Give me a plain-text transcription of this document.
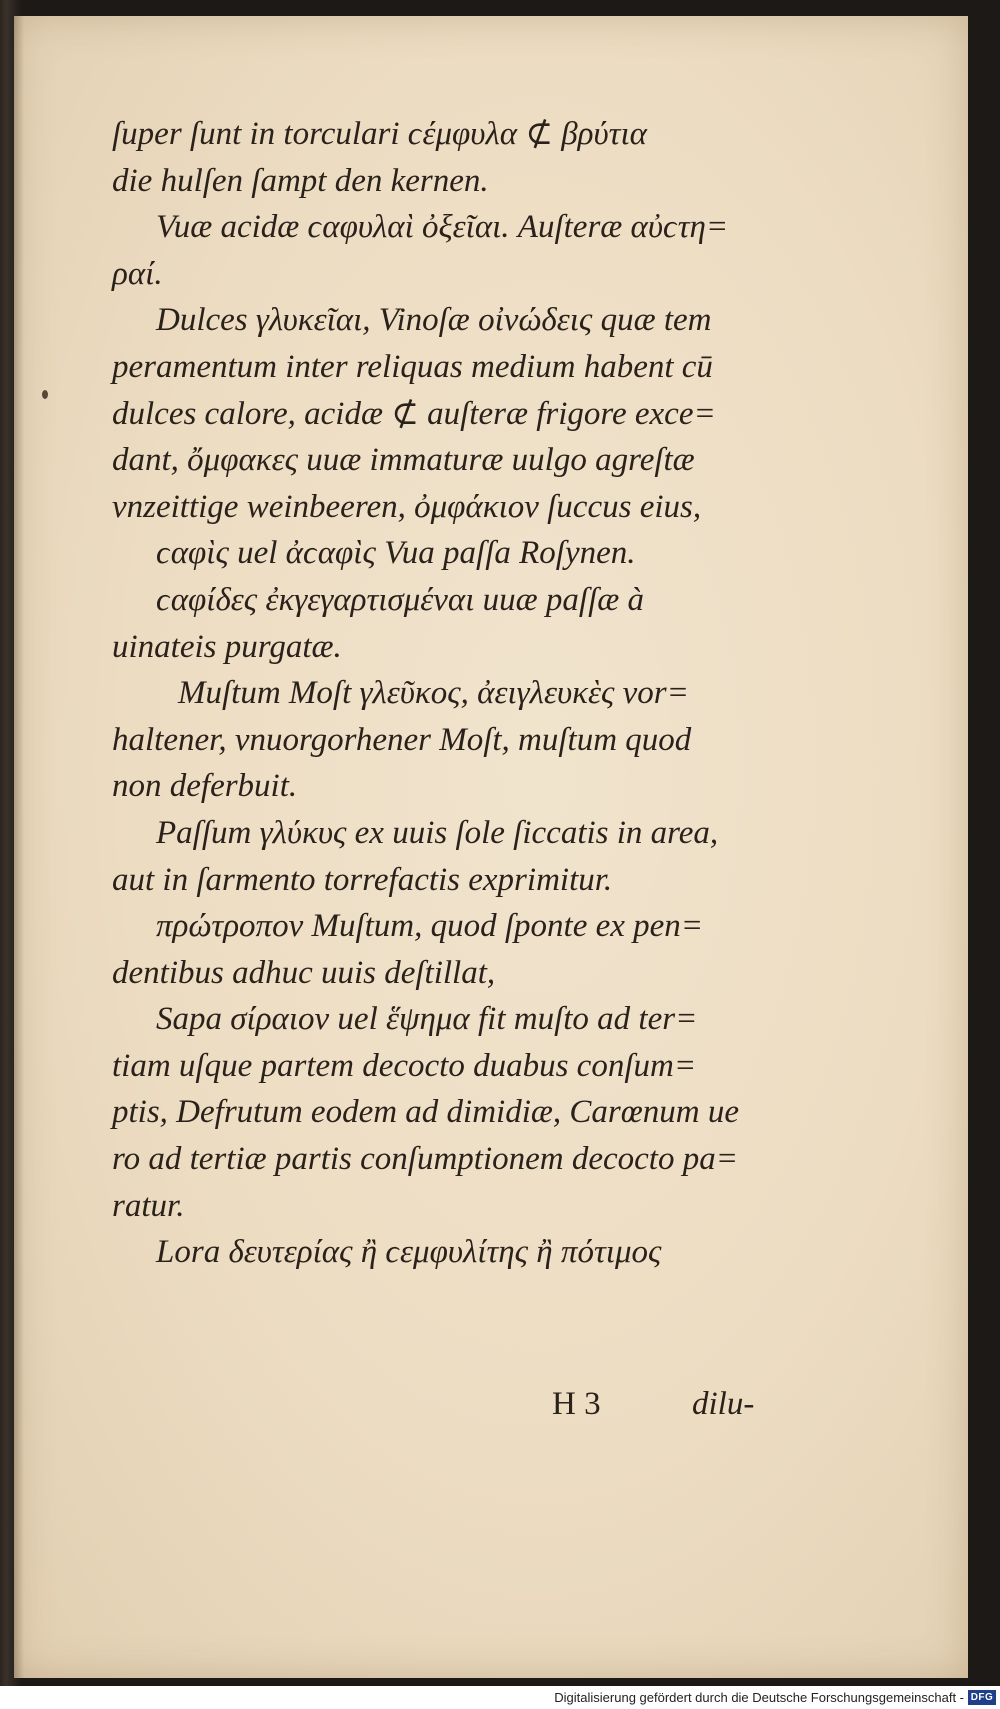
ſuper ſunt in torculari ϲέμφυλα ⊄ βρύτια
die hulſen ſampt den kernen.
Vuæ acidæ ϲαφυλαὶ ὀξεῖαι. Auſteræ αὐϲτη=
ραί.
Dulces γλυκεῖαι, Vinoſæ οἰνώδεις quæ tem
peramentum inter reliquas medium habent cū
dulces calore, acidæ ⊄ auſteræ frigore exce=
dant, ὄμφακες uuæ immaturæ uulgo agreſtæ
vnzeittige weinbeeren, ὀμφάκιον ſuccus eius,
ϲαφὶς uel ἀϲαφὶς Vua paſſa Roſynen.
ϲαφίδες ἐκγεγαρτισμέναι uuæ paſſæ à
uinateis purgatæ.
Muſtum Moſt γλεῦκος, ἀειγλευκὲς vor=
haltener, vnuorgorhener Moſt, muſtum quod
non deferbuit.
Paſſum γλύκυς ex uuis ſole ſiccatis in area,
aut in ſarmento torrefactis exprimitur.
πρώτροπον Muſtum, quod ſponte ex pen=
dentibus adhuc uuis deſtillat,
Sapa σίραιον uel ἕψημα fit muſto ad ter=
tiam uſque partem decocto duabus conſum=
ptis, Defrutum eodem ad dimidiæ, Carœnum ue
ro ad tertiæ partis conſumptionem decocto pa=
ratur.
Lora δευτερίας ἢ ϲεμφυλίτης ἢ πότιμος
H 3	dilu-
Digitalisierung gefördert durch die Deutsche Forschungsgemeinschaft - DFG
